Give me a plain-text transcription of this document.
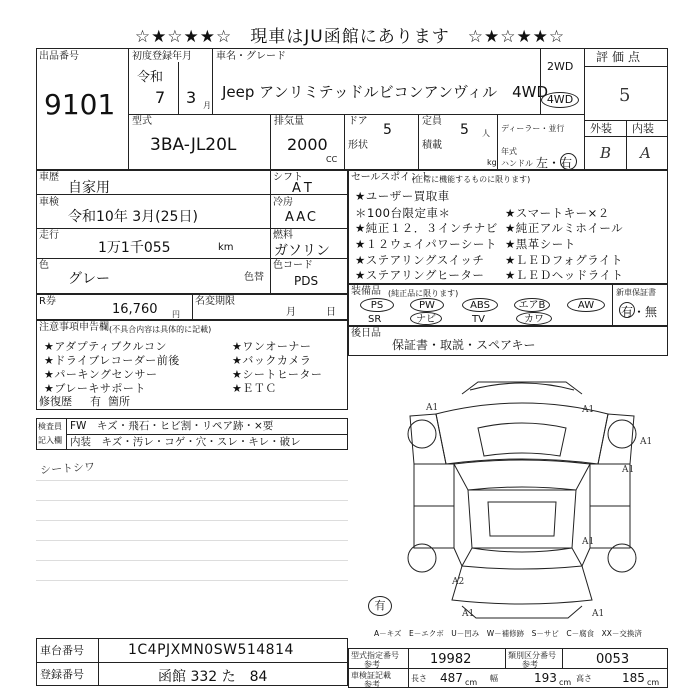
☆★☆★★☆　現車はJU函館にあります　☆★☆★★☆
出品番号
9101
初度登録年月
令和
7 3 月
車名・グレード
Jeep アンリミテッドルビコンアンヴィル　4WD
2WD
4WD
型式
3BA-JL20L
排気量
2000
CC
ドア
5
形状
定員
5 人
積載
kg
ディーラー・並行
年式
ハンドル 左・右
評価点
5
外装 内装
B A
車歴
自家用
車検
令和10年 3月(25日)
走行
1万1千055	km
色
グレー	色替
シフト
AT
冷房
AAC
燃料
ガソリン
色コード
PDS
R券
16,760 円
名変期限
月	日
注意事項申告欄 (不具合内容は具体的に記載)
★アダプティブクルコン	★ワンオーナー
★ドライブレコーダー前後	★バックカメラ
★パーキングセンサー	★シートヒーター
★ブレーキサポート	★ＥＴＣ
修復歴 有 箇所
検査員
記入欄
FW　キズ・飛石・ヒビ割・リペア跡・×要
内装　キズ・汚レ・コゲ・穴・スレ・キレ・破レ
シートシワ
セールスポイント
(正常に機能するものに限ります)
★ユーザー買取車
＊100台限定車＊	★スマートキー×２
★純正１２．３インチナビ ★純正アルミホイール
★１２ウェイパワーシート ★黒革シート
★ステアリングスイッチ ★ＬＥＤフォグライト
★ステアリングヒーター ★ＬＥＤヘッドライト
装備品 (純正品に限ります)	新車保証書
有・無
PS	PW	ABS	エアB	AW
SR	ナビ	TV	カワ
後日品
保証書・取説・スペアキー
A1
A1
A1
A1
A1
A2
A1	A1
有
A－キズ　E－エクボ　U－凹み　W－補修跡　S－サビ　C－腐食　XX－交換済
車台番号	1C4PJXMN0SW514814
登録番号	函館 332 た　84
型式指定番号
参考	19982	類別区分番号
参考	0053
車検証記載
参考
長さ 487 cm 幅	193 cm 高さ	185 cm
